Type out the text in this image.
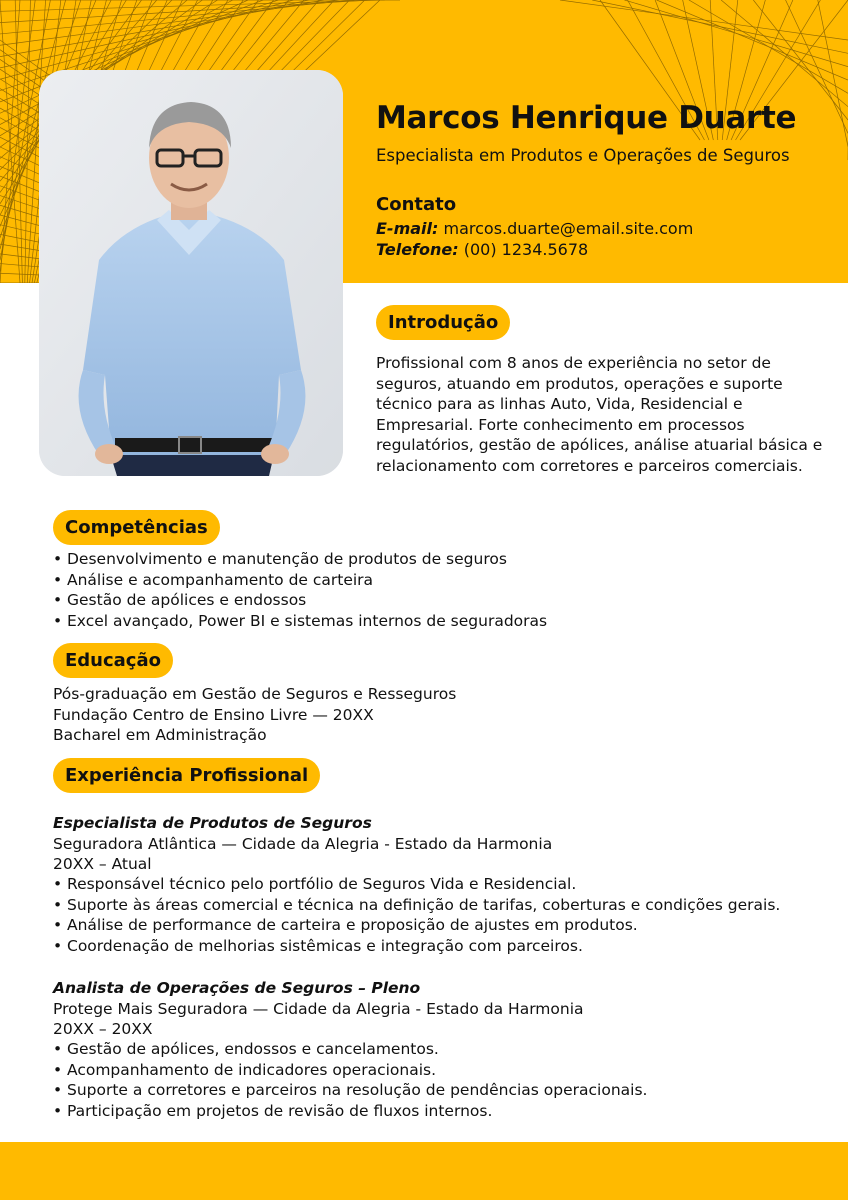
Marcos Henrique Duarte
Especialista em Produtos e Operações de Seguros
Contato
E-mail: marcos.duarte@email.site.com
Telefone: (00) 1234.5678
Introdução
Profissional com 8 anos de experiência no setor de seguros, atuando em produtos, operações e suporte técnico para as linhas Auto, Vida, Residencial e Empresarial. Forte conhecimento em processos regulatórios, gestão de apólices, análise atuarial básica e relacionamento com corretores e parceiros comerciais.
Competências
• Desenvolvimento e manutenção de produtos de seguros
• Análise e acompanhamento de carteira
• Gestão de apólices e endossos
• Excel avançado, Power BI e sistemas internos de seguradoras
Educação
Pós-graduação em Gestão de Seguros e Resseguros
Fundação Centro de Ensino Livre — 20XX
Bacharel em Administração
Experiência Profissional
Especialista de Produtos de Seguros
Seguradora Atlântica — Cidade da Alegria - Estado da Harmonia
20XX – Atual
• Responsável técnico pelo portfólio de Seguros Vida e Residencial.
• Suporte às áreas comercial e técnica na definição de tarifas, coberturas e condições gerais.
• Análise de performance de carteira e proposição de ajustes em produtos.
• Coordenação de melhorias sistêmicas e integração com parceiros.
Analista de Operações de Seguros – Pleno
Protege Mais Seguradora — Cidade da Alegria - Estado da Harmonia
20XX – 20XX
• Gestão de apólices, endossos e cancelamentos.
• Acompanhamento de indicadores operacionais.
• Suporte a corretores e parceiros na resolução de pendências operacionais.
• Participação em projetos de revisão de fluxos internos.
